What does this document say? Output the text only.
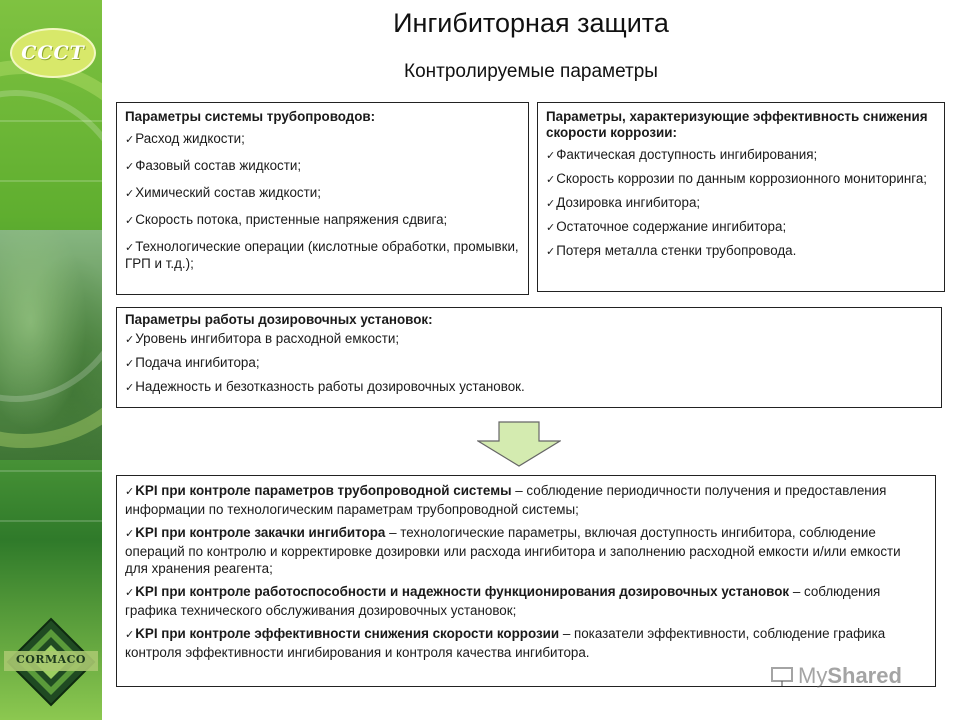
CCCT
CORMACO
Ингибиторная защита
Контролируемые параметры
Параметры системы трубопроводов:
✓Расход жидкости;
✓Фазовый состав жидкости;
✓Химический состав жидкости;
✓Скорость потока, пристенные напряжения сдвига;
✓Технологические операции (кислотные обработки, промывки, ГРП и т.д.);
Параметры, характеризующие эффективность снижения скорости коррозии:
✓Фактическая доступность ингибирования;
✓Скорость коррозии по данным коррозионного мониторинга;
✓Дозировка ингибитора;
✓Остаточное содержание ингибитора;
✓Потеря металла стенки трубопровода.
Параметры работы дозировочных установок:
✓Уровень ингибитора в расходной емкости;
✓Подача ингибитора;
✓Надежность и безотказность работы дозировочных установок.
✓KPI при контроле параметров трубопроводной системы – соблюдение периодичности получения и предоставления информации по технологическим параметрам трубопроводной системы;
✓KPI при контроле закачки ингибитора – технологические параметры, включая доступность ингибитора, соблюдение операций по контролю и корректировке дозировки или расхода ингибитора и заполнению расходной емкости и/или емкости для хранения реагента;
✓KPI при контроле работоспособности и надежности функционирования дозировочных установок – соблюдения графика технического обслуживания дозировочных установок;
✓KPI при контроле эффективности снижения скорости коррозии – показатели эффективности, соблюдение графика контроля эффективности ингибирования и контроля качества ингибитора.
My Shared
